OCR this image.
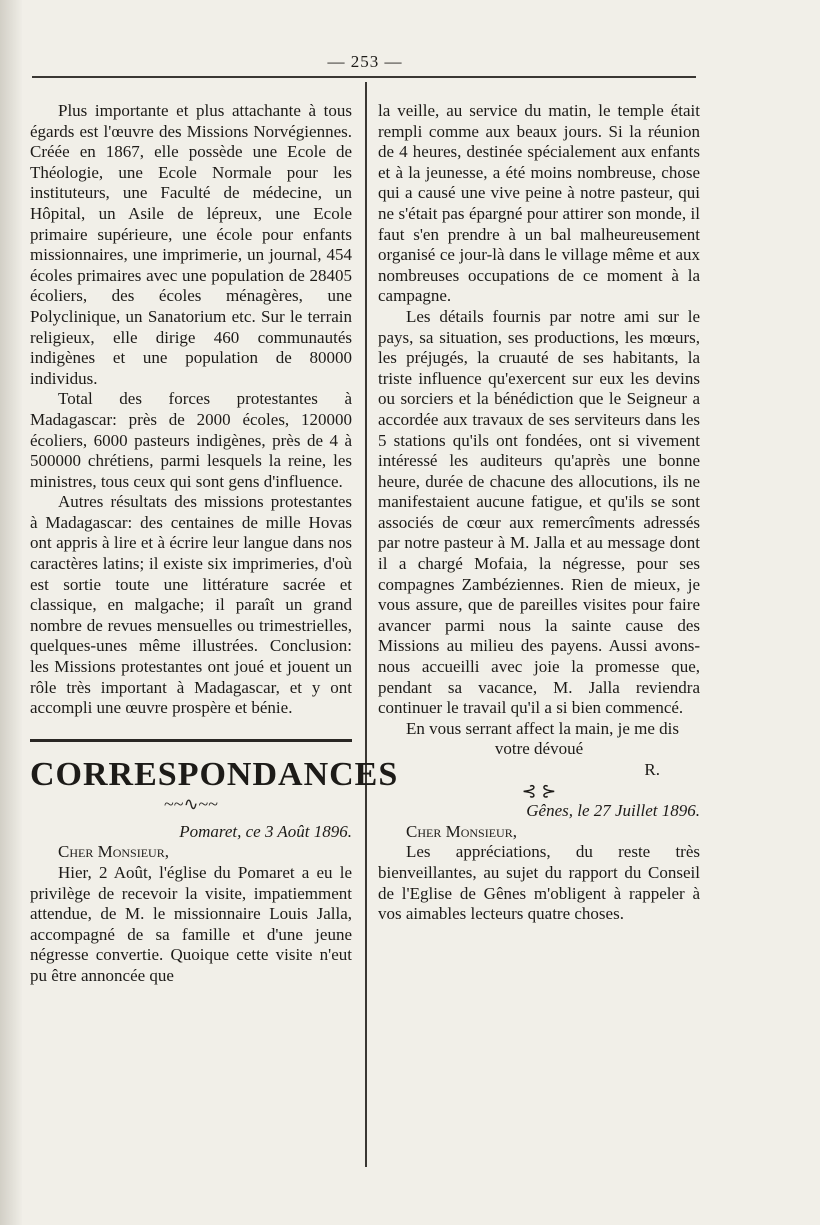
— 253 —

Plus importante et plus attachante à tous égards est l'œuvre des Missions Norvégiennes. Créée en 1867, elle possède une Ecole de Théologie, une Ecole Normale pour les instituteurs, une Faculté de médecine, un Hôpital, un Asile de lépreux, une Ecole primaire supérieure, une école pour enfants missionnaires, une imprimerie, un journal, 454 écoles primaires avec une population de 28405 écoliers, des écoles ménagères, une Polyclinique, un Sanatorium etc. Sur le terrain religieux, elle dirige 460 communautés indigènes et une population de 80000 individus.

Total des forces protestantes à Madagascar: près de 2000 écoles, 120000 écoliers, 6000 pasteurs indigènes, près de 4 à 500000 chrétiens, parmi lesquels la reine, les ministres, tous ceux qui sont gens d'influence.

Autres résultats des missions protestantes à Madagascar: des centaines de mille Hovas ont appris à lire et à écrire leur langue dans nos caractères latins; il existe six imprimeries, d'où est sortie toute une littérature sacrée et classique, en malgache; il paraît un grand nombre de revues mensuelles ou trimestrielles, quelques-unes même illustrées. Conclusion: les Missions protestantes ont joué et jouent un rôle très important à Madagascar, et y ont accompli une œuvre prospère et bénie.

CORRESPONDANCES
~~∿~~

Pomaret, ce 3 Août 1896.

Cher Monsieur,

Hier, 2 Août, l'église du Pomaret a eu le privilège de recevoir la visite, impatiemment attendue, de M. le missionnaire Louis Jalla, accompagné de sa famille et d'une jeune négresse convertie. Quoique cette visite n'eut pu être annoncée que

la veille, au service du matin, le temple était rempli comme aux beaux jours. Si la réunion de 4 heures, destinée spécialement aux enfants et à la jeunesse, a été moins nombreuse, chose qui a causé une vive peine à notre pasteur, qui ne s'était pas épargné pour attirer son monde, il faut s'en prendre à un bal malheureusement organisé ce jour-là dans le village même et aux nombreuses occupations de ce moment à la campagne.

Les détails fournis par notre ami sur le pays, sa situation, ses productions, les mœurs, les préjugés, la cruauté de ses habitants, la triste influence qu'exercent sur eux les devins ou sorciers et la bénédiction que le Seigneur a accordée aux travaux de ses serviteurs dans les 5 stations qu'ils ont fondées, ont si vivement intéressé les auditeurs qu'après une bonne heure, durée de chacune des allocutions, ils ne manifestaient aucune fatigue, et qu'ils se sont associés de cœur aux remercîments adressés par notre pasteur à M. Jalla et au message dont il a chargé Mofaia, la négresse, pour ses compagnes Zambéziennes. Rien de mieux, je vous assure, que de pareilles visites pour faire avancer parmi nous la sainte cause des Missions au milieu des payens. Aussi avons-nous accueilli avec joie la promesse que, pendant sa vacance, M. Jalla reviendra continuer le travail qu'il a si bien commencé.

En vous serrant affect la main, je me dis

votre dévoué

R.

⊰ ⊱

Gênes, le 27 Juillet 1896.

Cher Monsieur,

Les appréciations, du reste très bienveillantes, au sujet du rapport du Conseil de l'Eglise de Gênes m'obligent à rappeler à vos aimables lecteurs quatre choses.
